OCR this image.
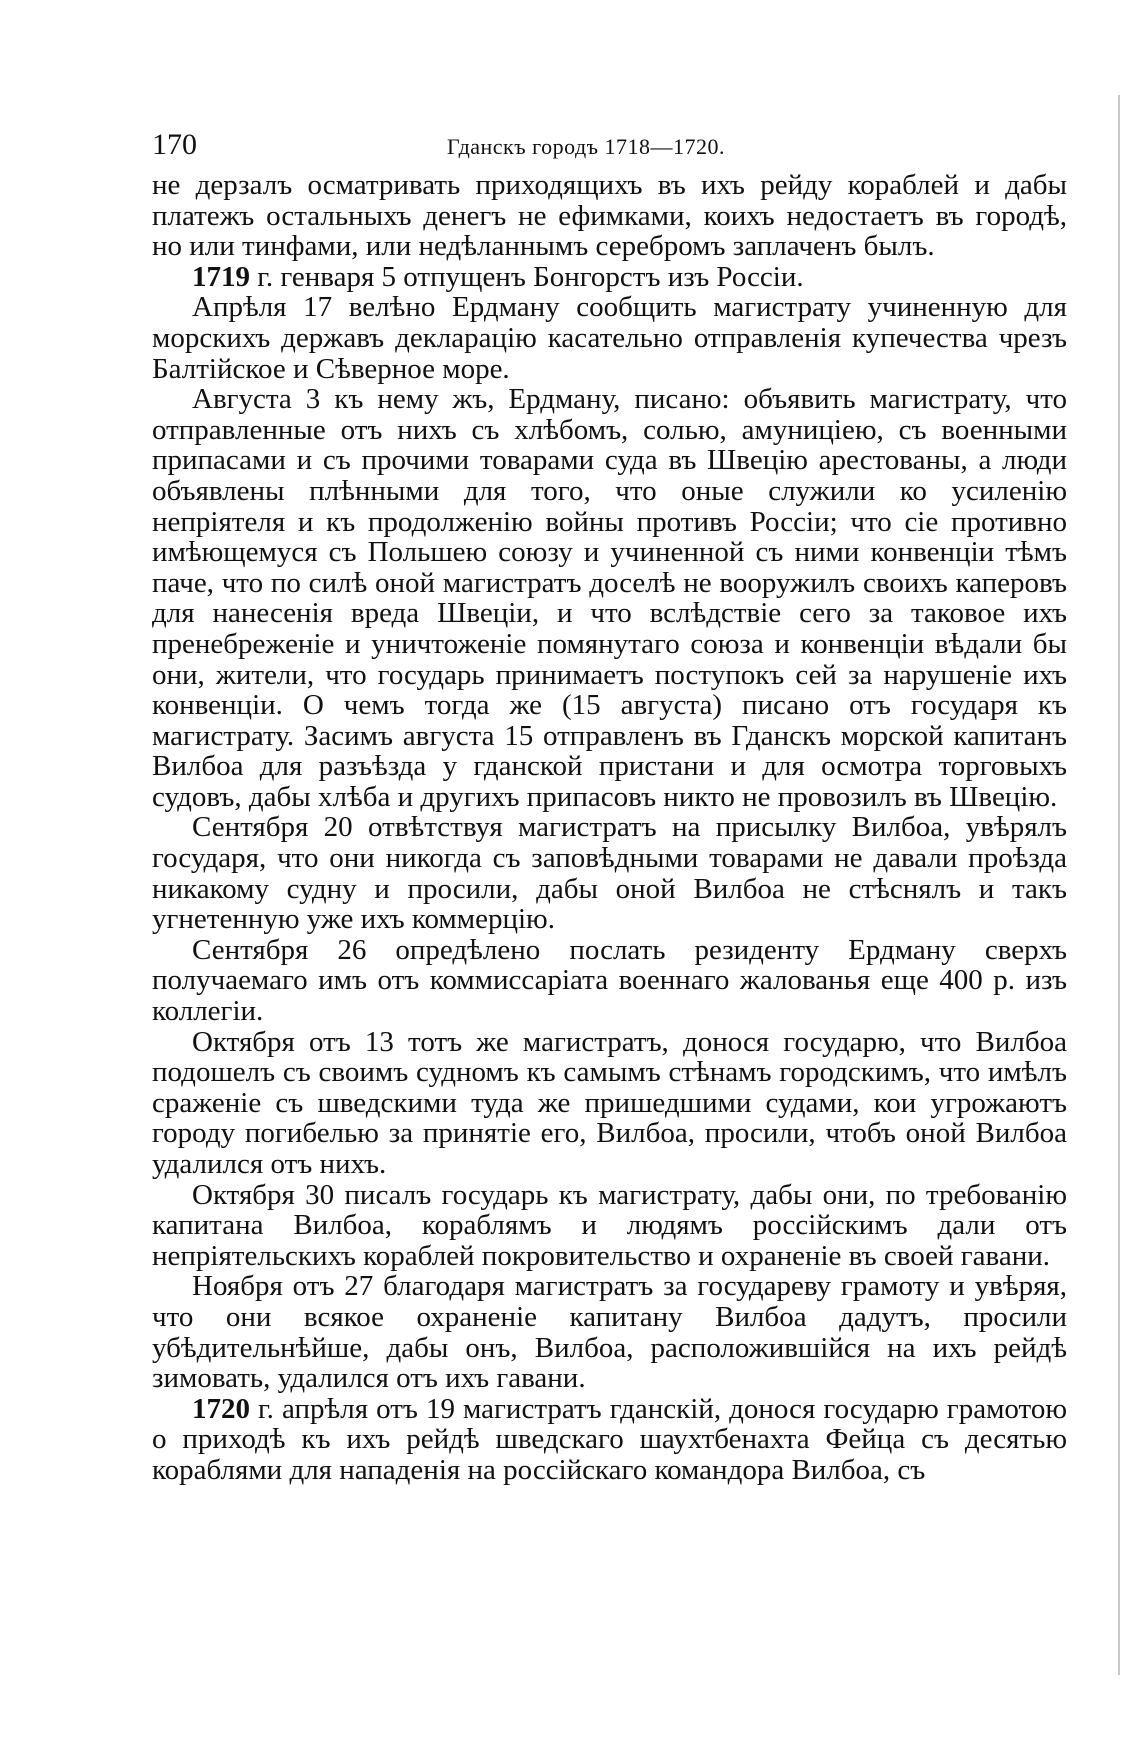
170	Гданскъ городъ 1718—1720.

не дерзалъ осматривать приходящихъ въ ихъ рейду кораблей и дабы платежъ остальныхъ денегъ не ефимками, коихъ недостаетъ въ городѣ, но или тинфами, или недѣланнымъ серебромъ заплаченъ былъ.

1719 г. генваря 5 отпущенъ Бонгорстъ изъ Россіи.

Апрѣля 17 велѣно Ердману сообщить магистрату учиненную для морскихъ державъ декларацію касательно отправленія купечества чрезъ Балтійское и Сѣверное море.

Августа 3 къ нему жъ, Ердману, писано: объявить магистрату, что отправленные отъ нихъ съ хлѣбомъ, солью, амуниціею, съ военными припасами и съ прочими товарами суда въ Швецію арестованы, а люди объявлены плѣнными для того, что оные служили ко усиленію непріятеля и къ продолженію войны противъ Россіи; что сіе противно имѣющемуся съ Польшею союзу и учиненной съ ними конвенціи тѣмъ паче, что по силѣ оной магистратъ доселѣ не вооружилъ своихъ каперовъ для нанесенія вреда Швеціи, и что вслѣдствіе сего за таковое ихъ пренебреженіе и уничтоженіе помянутаго союза и конвенціи вѣдали бы они, жители, что государь принимаетъ поступокъ сей за нарушеніе ихъ конвенціи. О чемъ тогда же (15 августа) писано отъ государя къ магистрату. Засимъ августа 15 отправленъ въ Гданскъ морской капитанъ Вилбоа для разъѣзда у гданской пристани и для осмотра торговыхъ судовъ, дабы хлѣба и другихъ припасовъ никто не провозилъ въ Швецію.

Сентября 20 отвѣтствуя магистратъ на присылку Вилбоа, увѣрялъ государя, что они никогда съ заповѣдными товарами не давали проѣзда никакому судну и просили, дабы оной Вилбоа не стѣснялъ и такъ угнетенную уже ихъ коммерцію.

Сентября 26 опредѣлено послать резиденту Ердману сверхъ получаемаго имъ отъ коммиссаріата военнаго жалованья еще 400 р. изъ коллегіи.

Октября отъ 13 тотъ же магистратъ, донося государю, что Вилбоа подошелъ съ своимъ судномъ къ самымъ стѣнамъ городскимъ, что имѣлъ сраженіе съ шведскими туда же пришедшими судами, кои угрожаютъ городу погибелью за принятіе его, Вилбоа, просили, чтобъ оной Вилбоа удалился отъ нихъ.

Октября 30 писалъ государь къ магистрату, дабы они, по требованію капитана Вилбоа, кораблямъ и людямъ россійскимъ дали отъ непріятельскихъ кораблей покровительство и охраненіе въ своей гавани.

Ноября отъ 27 благодаря магистратъ за государеву грамоту и увѣряя, что они всякое охраненіе капитану Вилбоа дадутъ, просили убѣдительнѣйше, дабы онъ, Вилбоа, расположившійся на ихъ рейдѣ зимовать, удалился отъ ихъ гавани.

1720 г. апрѣля отъ 19 магистратъ гданскій, донося государю грамотою о приходѣ къ ихъ рейдѣ шведскаго шаухтбенахта Фейца съ десятью кораблями для нападенія на россійскаго командора Вилбоа, съ
